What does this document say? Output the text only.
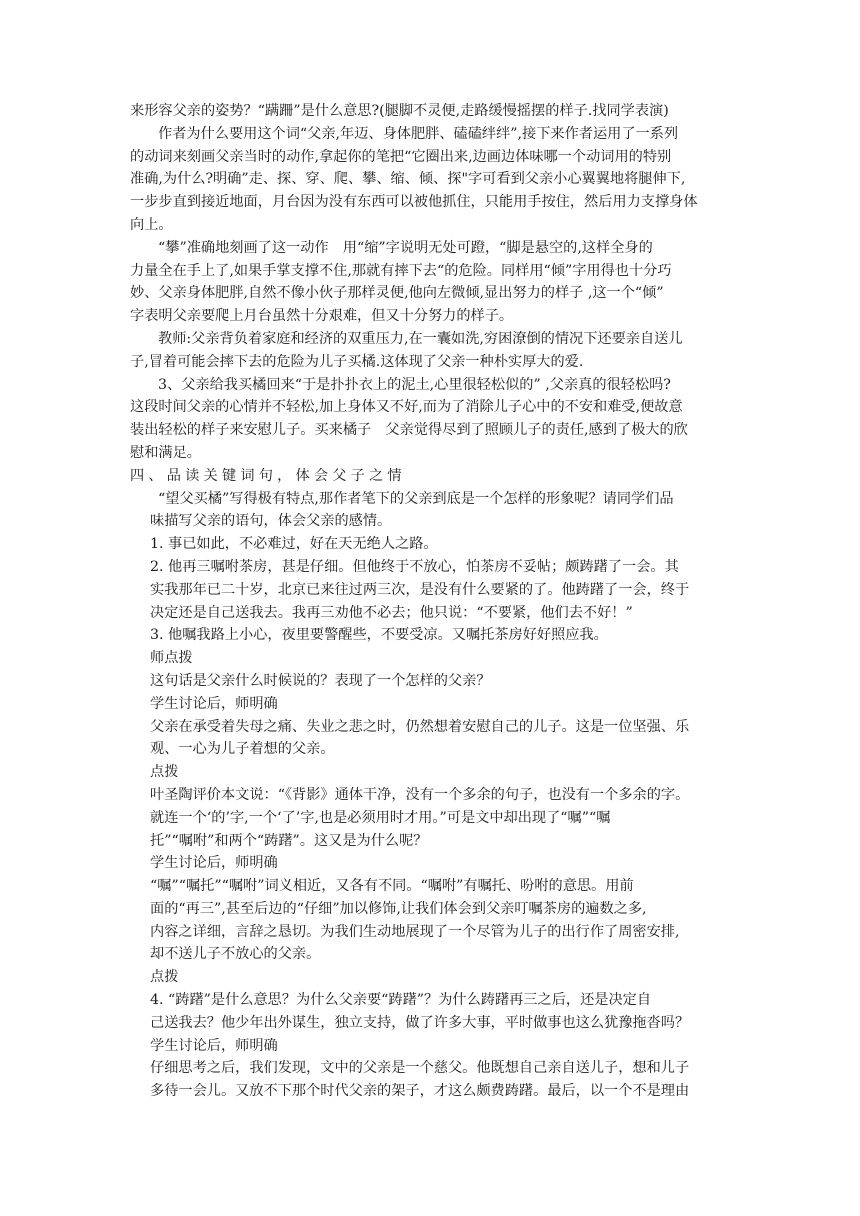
来形容父亲的姿势？“蹒跚”是什么意思?(腿脚不灵便,走路缓慢摇摆的样子.找同学表演)
作者为什么要用这个词“父亲,年迈、身体肥胖、磕磕绊绊”,接下来作者运用了一系列
的动词来刻画父亲当时的动作,拿起你的笔把“它圈出来,边画边体味哪一个动词用的特别
准确,为什么?明确”走、探、穿、爬、攀、缩、倾、探"字可看到父亲小心翼翼地将腿伸下,
一步步直到接近地面，月台因为没有东西可以被他抓住，只能用手按住，然后用力支撑身体
向上。
“攀”准确地刻画了这一动作　用“缩”字说明无处可蹬，“脚是悬空的,这样全身的
力量全在手上了,如果手掌支撑不住,那就有摔下去“的危险。同样用“倾”字用得也十分巧
妙、父亲身体肥胖,自然不像小伙子那样灵便,他向左微倾,显出努力的样子 ,这一个“倾”
字表明父亲要爬上月台虽然十分艰难，但又十分努力的样子。
教师:父亲背负着家庭和经济的双重压力,在一囊如洗,穷困潦倒的情况下还要亲自送儿
子,冒着可能会摔下去的危险为儿子买橘.这体现了父亲一种朴实厚大的爱.
3、父亲给我买橘回来“于是扑扑衣上的泥土,心里很轻松似的” ,父亲真的很轻松吗?
这段时间父亲的心情并不轻松,加上身体又不好,而为了消除儿子心中的不安和难受,便故意
装出轻松的样子来安慰儿子。买来橘子　父亲觉得尽到了照顾儿子的责任,感到了极大的欣
慰和满足。
四、品读关键词句，体会父子之情
“望父买橘”写得极有特点,那作者笔下的父亲到底是一个怎样的形象呢？请同学们品
味描写父亲的语句，体会父亲的感情。
1. 事已如此，不必难过，好在天无绝人之路。
2. 他再三嘱咐茶房，甚是仔细。但他终于不放心，怕茶房不妥帖；颇踌躇了一会。其
实我那年已二十岁，北京已来往过两三次，是没有什么要紧的了。他踌躇了一会，终于
决定还是自己送我去。我再三劝他不必去；他只说：“不要紧，他们去不好！”
3. 他嘱我路上小心，夜里要警醒些，不要受凉。又嘱托茶房好好照应我。
师点拨
这句话是父亲什么时候说的？表现了一个怎样的父亲？
学生讨论后，师明确
父亲在承受着失母之痛、失业之悲之时，仍然想着安慰自己的儿子。这是一位坚强、乐
观、一心为儿子着想的父亲。
点拨
叶圣陶评价本文说：“《背影》通体干净，没有一个多余的句子，也没有一个多余的字。
就连一个‘的’字,一个‘了’字,也是必须用时才用。”可是文中却出现了“嘱”“嘱
托”“嘱咐”和两个“踌躇”。这又是为什么呢？
学生讨论后，师明确
“嘱”“嘱托”“嘱咐”词义相近，又各有不同。“嘱咐”有嘱托、吩咐的意思。用前
面的“再三”,甚至后边的“仔细”加以修饰,让我们体会到父亲叮嘱茶房的遍数之多,
内容之详细，言辞之恳切。为我们生动地展现了一个尽管为儿子的出行作了周密安排,
却不送儿子不放心的父亲。
点拨
4. “踌躇”是什么意思？为什么父亲要“踌躇”？为什么踌躇再三之后，还是决定自
己送我去？他少年出外谋生，独立支持，做了许多大事，平时做事也这么犹豫拖沓吗？
学生讨论后，师明确
仔细思考之后，我们发现，文中的父亲是一个慈父。他既想自己亲自送儿子，想和儿子
多待一会儿。又放不下那个时代父亲的架子，才这么颇费踌躇。最后，以一个不是理由
